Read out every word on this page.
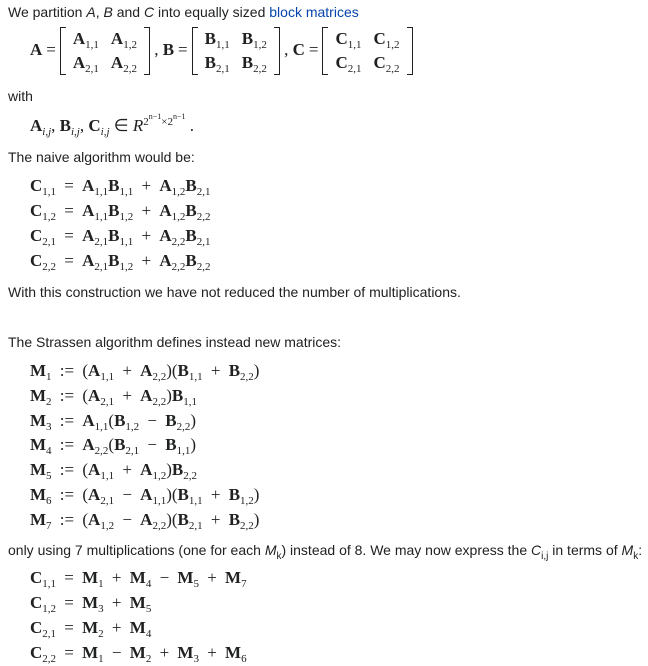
We partition A, B and C into equally sized block matrices
A =
$A_{1,1}$	$A_{1,2}$
$A_{2,1}$	$A_{2,2}$
, B =
$B_{1,1}$	$B_{1,2}$
$B_{2,1}$	$B_{2,2}$
, C =
$C_{1,1}$	$C_{1,2}$
$C_{2,1}$	$C_{2,2}$
with
$A_{i,j}$, $B_{i,j}$, $C_{i,j}$ ∈ $R^{2^{n-1}\times 2^{n-1}}$ .
The naive algorithm would be:
$C_{1,1} = A_{1,1}B_{1,1} + A_{1,2}B_{2,1}$
$C_{1,2} = A_{1,1}B_{1,2} + A_{1,2}B_{2,2}$
$C_{2,1} = A_{2,1}B_{1,1} + A_{2,2}B_{2,1}$
$C_{2,2} = A_{2,1}B_{1,2} + A_{2,2}B_{2,2}$
With this construction we have not reduced the number of multiplications.
The Strassen algorithm defines instead new matrices:
$M_1$ := $(A_{1,1} + A_{2,2})(B_{1,1} + B_{2,2})$
$M_2$ := $(A_{2,1} + A_{2,2})B_{1,1}$
$M_3$ := $A_{1,1}(B_{1,2} - B_{2,2})$
$M_4$ := $A_{2,2}(B_{2,1} - B_{1,1})$
$M_5$ := $(A_{1,1} + A_{1,2})B_{2,2}$
$M_6$ := $(A_{2,1} - A_{1,1})(B_{1,1} + B_{1,2})$
$M_7$ := $(A_{1,2} - A_{2,2})(B_{2,1} + B_{2,2})$
only using 7 multiplications (one for each $M_k$) instead of 8. We may now express the $C_{i,j}$ in terms of $M_k$:
$C_{1,1} = M_1 + M_4 - M_5 + M_7$
$C_{1,2} = M_3 + M_5$
$C_{2,1} = M_2 + M_4$
$C_{2,2} = M_1 - M_2 + M_3 + M_6$
